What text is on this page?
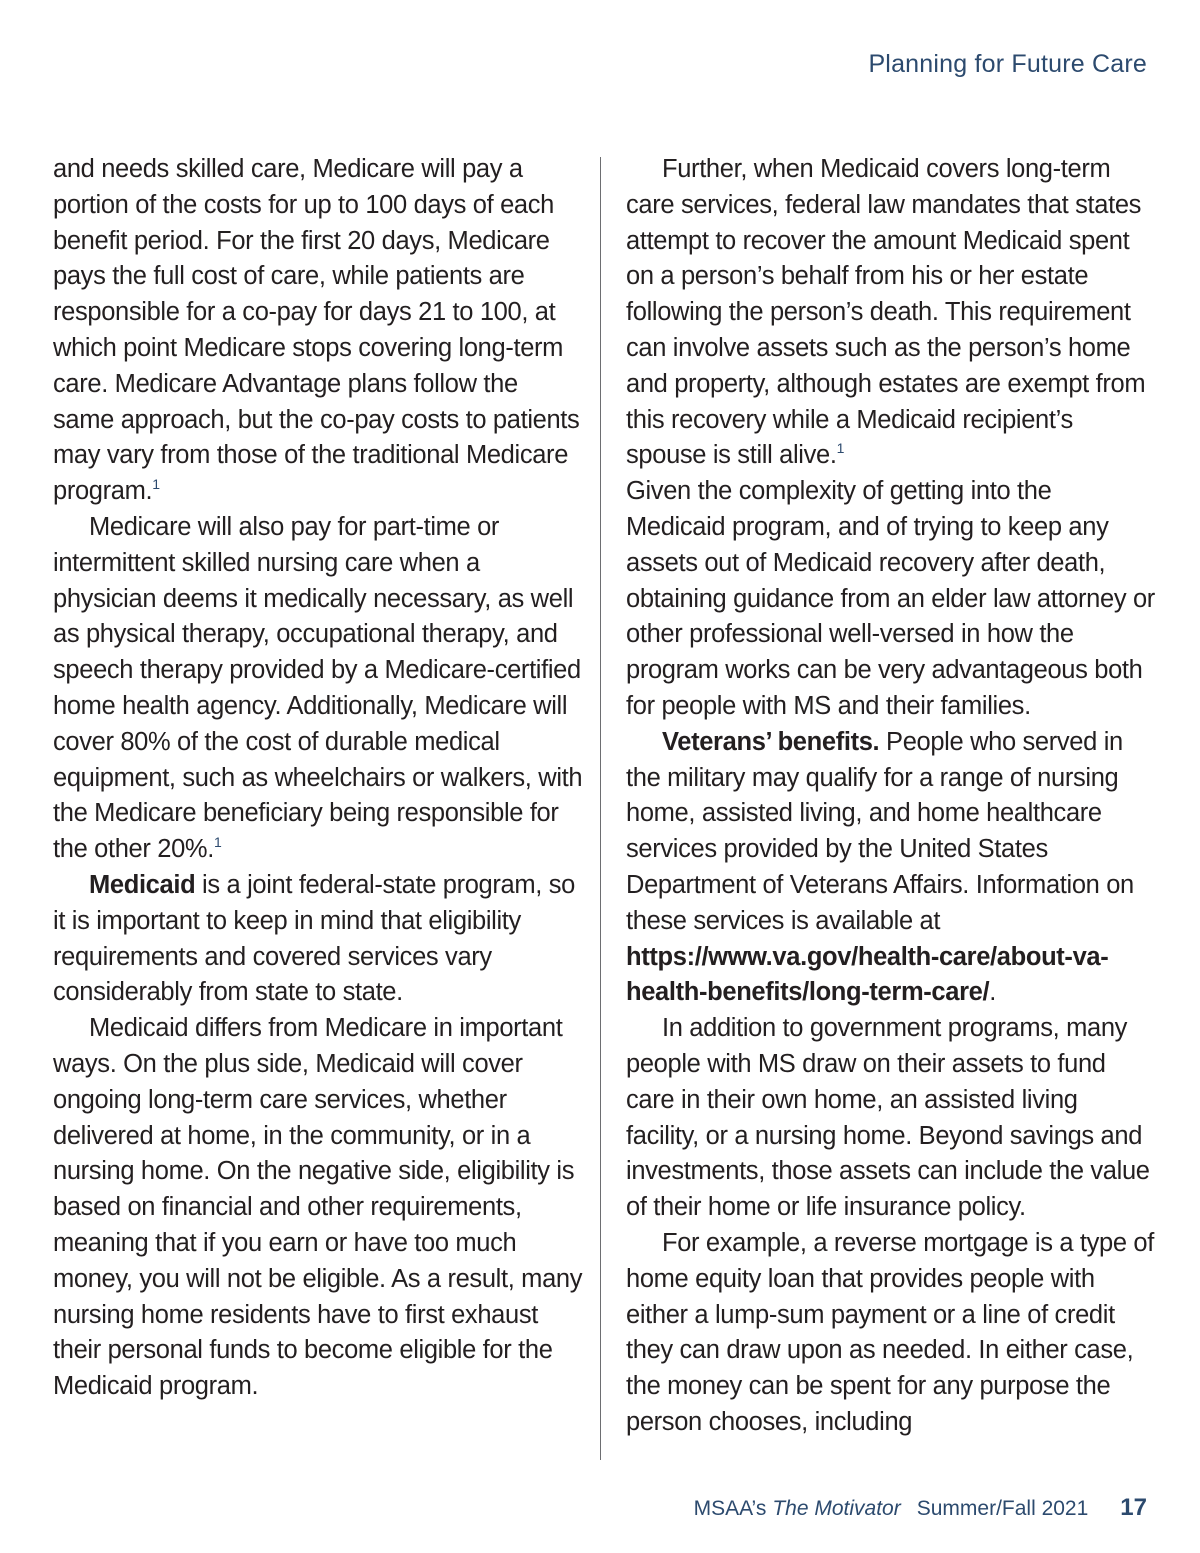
Planning for Future Care

and needs skilled care, Medicare will pay a portion of the costs for up to 100 days of each benefit period. For the first 20 days, Medicare pays the full cost of care, while patients are responsible for a co-pay for days 21 to 100, at which point Medicare stops covering long-term care. Medicare Advantage plans follow the same approach, but the co-pay costs to patients may vary from those of the traditional Medicare program.$^1$

Medicare will also pay for part-time or intermittent skilled nursing care when a physician deems it medically necessary, as well as physical therapy, occupational therapy, and speech therapy provided by a Medicare-certified home health agency. Additionally, Medicare will cover 80% of the cost of durable medical equipment, such as wheelchairs or walkers, with the Medicare beneficiary being responsible for the other 20%.$^1$

Medicaid is a joint federal-state program, so it is important to keep in mind that eligibility requirements and covered services vary considerably from state to state.

Medicaid differs from Medicare in important ways. On the plus side, Medicaid will cover ongoing long-term care services, whether delivered at home, in the community, or in a nursing home. On the negative side, eligibility is based on financial and other requirements, meaning that if you earn or have too much money, you will not be eligible. As a result, many nursing home residents have to first exhaust their personal funds to become eligible for the Medicaid program.

Further, when Medicaid covers long-term care services, federal law mandates that states attempt to recover the amount Medicaid spent on a person’s behalf from his or her estate following the person’s death. This requirement can involve assets such as the person’s home and property, although estates are exempt from this recovery while a Medicaid recipient’s spouse is still alive.$^1$

Given the complexity of getting into the Medicaid program, and of trying to keep any assets out of Medicaid recovery after death, obtaining guidance from an elder law attorney or other professional well-versed in how the program works can be very advantageous both for people with MS and their families.

Veterans’ benefits. People who served in the military may qualify for a range of nursing home, assisted living, and home healthcare services provided by the United States Department of Veterans Affairs. Information on these services is available at
https://www.va.gov/health-care/about-va-
health-benefits/long-term-care/.

In addition to government programs, many people with MS draw on their assets to fund care in their own home, an assisted living facility, or a nursing home. Beyond savings and investments, those assets can include the value of their home or life insurance policy.

For example, a reverse mortgage is a type of home equity loan that provides people with either a lump-sum payment or a line of credit they can draw upon as needed. In either case, the money can be spent for any purpose the person chooses, including

MSAA’s The Motivator Summer/Fall 2021 17
